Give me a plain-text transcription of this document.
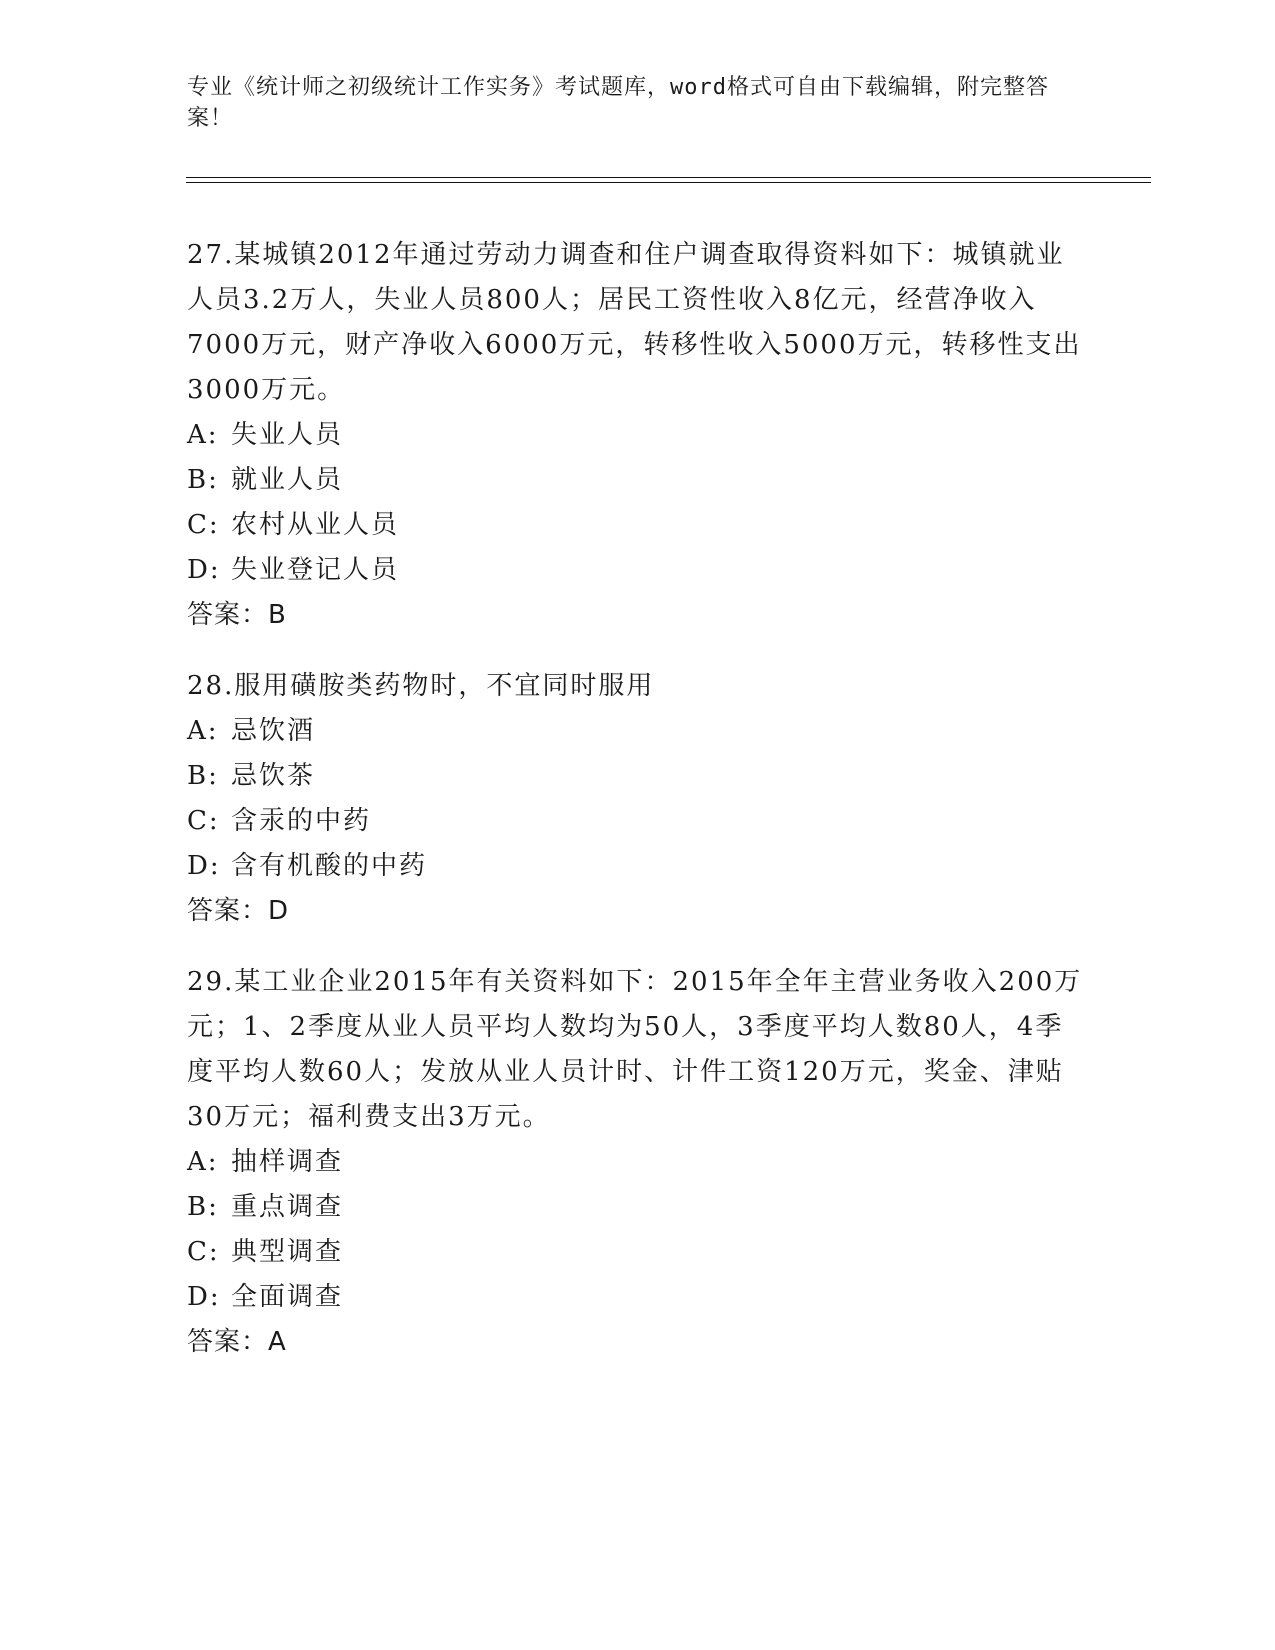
专业《统计师之初级统计工作实务》考试题库，word格式可自由下载编辑，附完整答案！

27.某城镇2012年通过劳动力调查和住户调查取得资料如下：城镇就业人员3.2万人，失业人员800人；居民工资性收入8亿元，经营净收入7000万元，财产净收入6000万元，转移性收入5000万元，转移性支出3000万元。

A: 失业人员

B: 就业人员

C: 农村从业人员

D: 失业登记人员

答案：B

28.服用磺胺类药物时，不宜同时服用

A: 忌饮酒

B: 忌饮茶

C: 含汞的中药

D: 含有机酸的中药

答案：D

29.某工业企业2015年有关资料如下：2015年全年主营业务收入200万元；1、2季度从业人员平均人数均为50人，3季度平均人数80人，4季度平均人数60人；发放从业人员计时、计件工资120万元，奖金、津贴30万元；福利费支出3万元。

A: 抽样调查

B: 重点调查

C: 典型调查

D: 全面调查

答案：A
